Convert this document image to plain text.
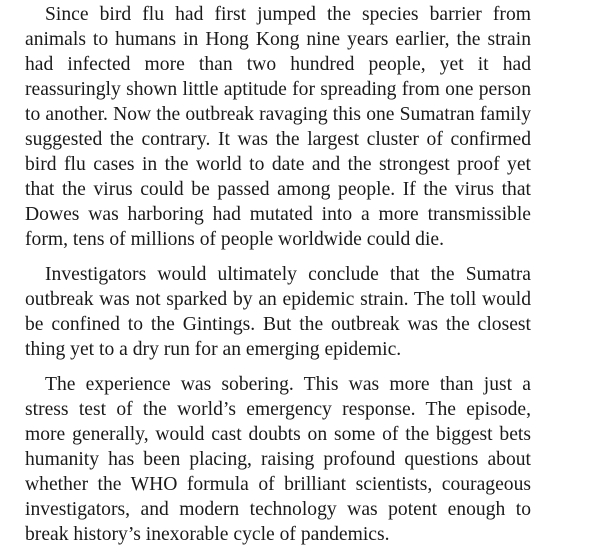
Since bird flu had first jumped the species barrier from animals to humans in Hong Kong nine years earlier, the strain had infected more than two hundred people, yet it had reassuringly shown little aptitude for spreading from one person to another. Now the outbreak ravaging this one Sumatran family suggested the contrary. It was the largest cluster of confirmed bird flu cases in the world to date and the strongest proof yet that the virus could be passed among people. If the virus that Dowes was harboring had mutated into a more transmissible form, tens of millions of people worldwide could die.

Investigators would ultimately conclude that the Sumatra outbreak was not sparked by an epidemic strain. The toll would be confined to the Gintings. But the outbreak was the closest thing yet to a dry run for an emerging epidemic.

The experience was sobering. This was more than just a stress test of the world’s emergency response. The episode, more generally, would cast doubts on some of the biggest bets humanity has been placing, raising profound questions about whether the WHO formula of brilliant scientists, courageous investigators, and modern technology was potent enough to break history’s inexorable cycle of pandemics.
